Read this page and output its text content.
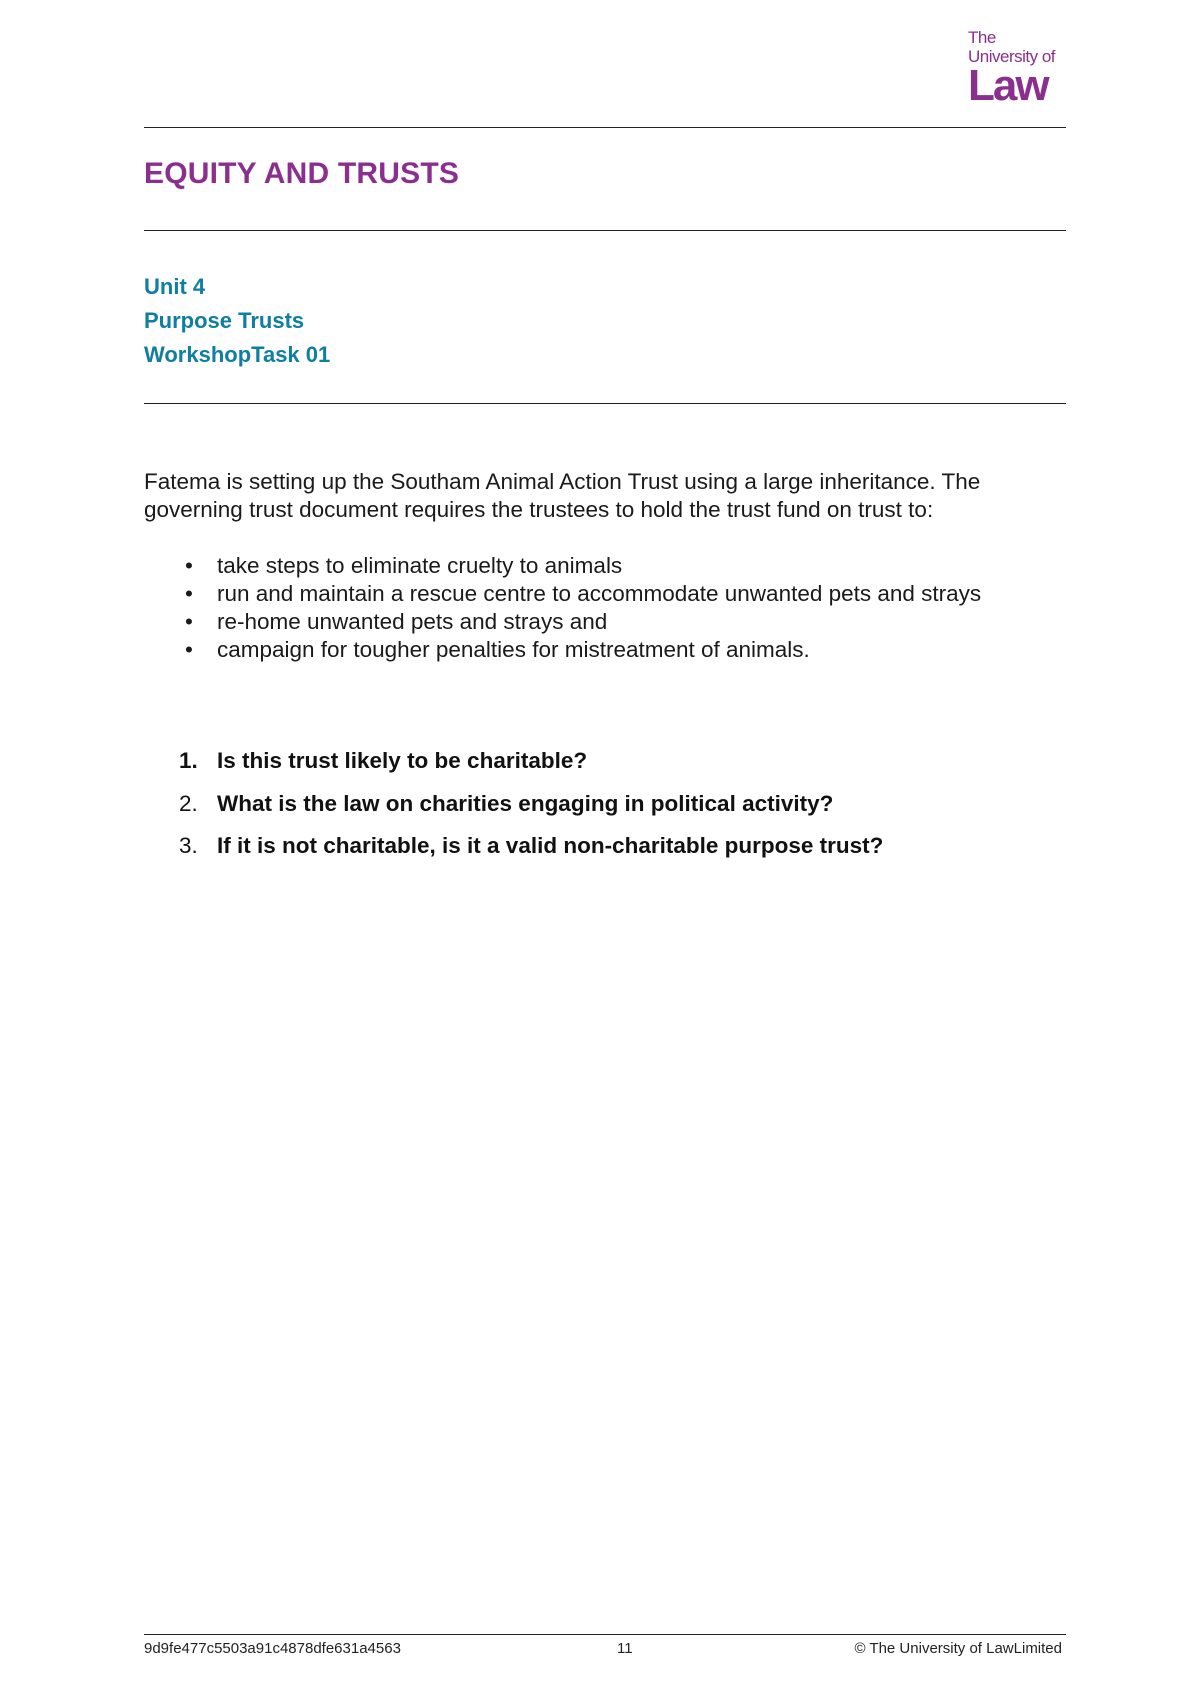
The
University of
Law
EQUITY AND TRUSTS
Unit 4
Purpose Trusts
WorkshopTask 01

Fatema is setting up the Southam Animal Action Trust using a large inheritance. The governing trust document requires the trustees to hold the trust fund on trust to:

• take steps to eliminate cruelty to animals
• run and maintain a rescue centre to accommodate unwanted pets and strays
• re-home unwanted pets and strays and
• campaign for tougher penalties for mistreatment of animals.
1. Is this trust likely to be charitable?
2. What is the law on charities engaging in political activity?
3. If it is not charitable, is it a valid non-charitable purpose trust?
9d9fe477c5503a91c4878dfe631a4563	11	© The University of LawLimited
